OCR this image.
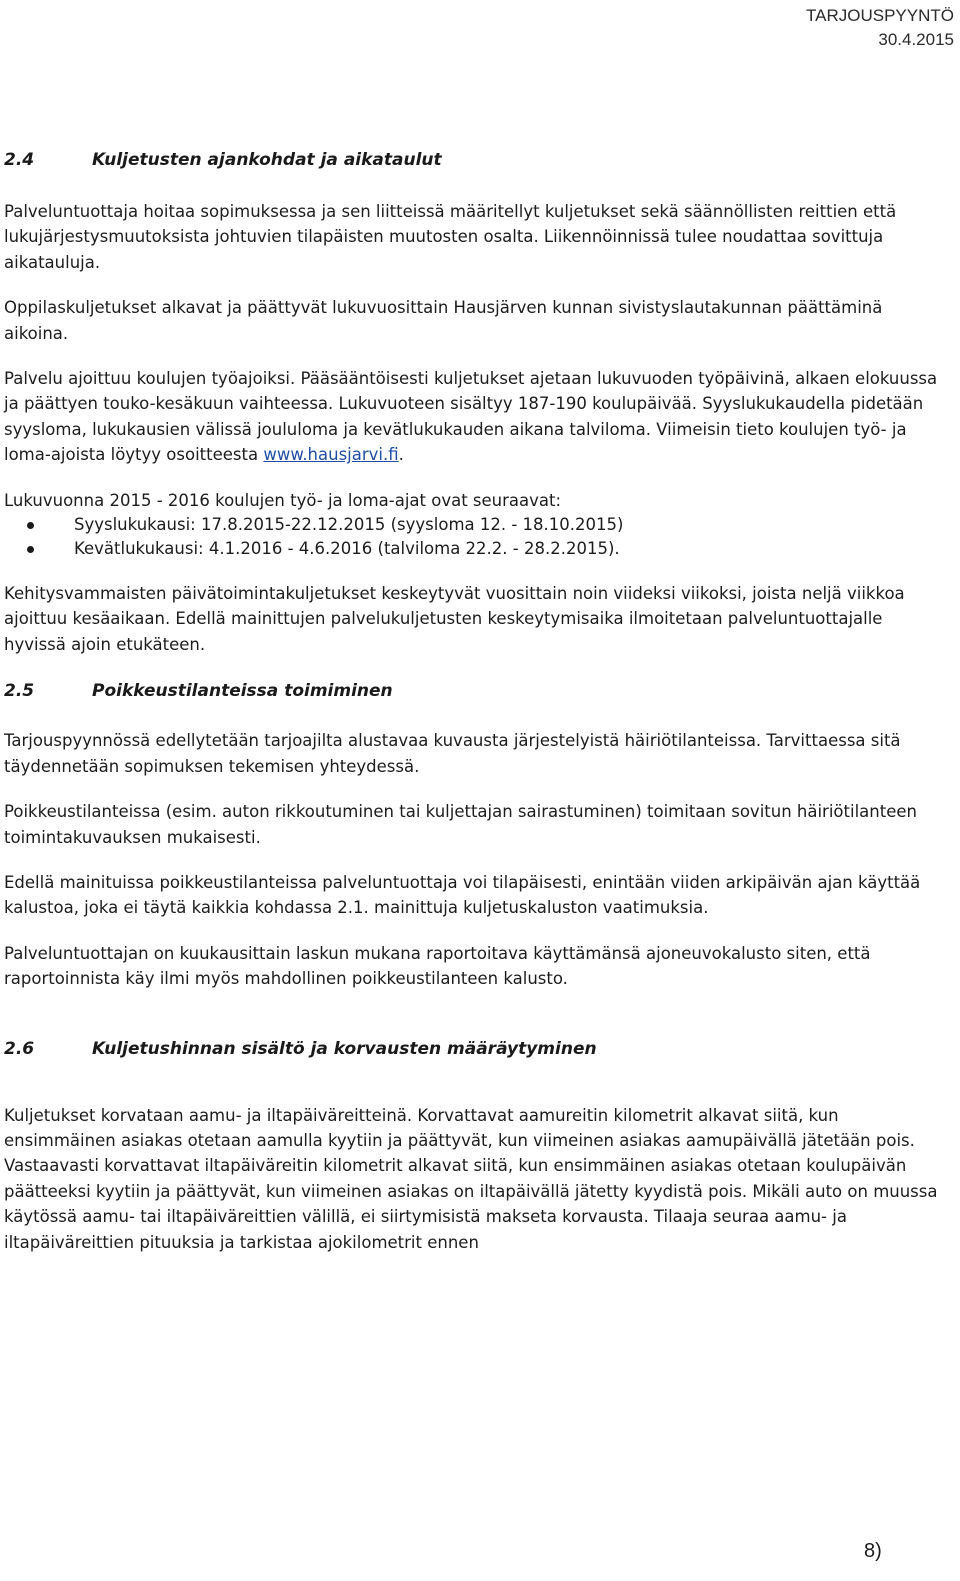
TARJOUSPYYNTÖ
30.4.2015
2.4	Kuljetusten ajankohdat ja aikataulut

Palveluntuottaja hoitaa sopimuksessa ja sen liitteissä määritellyt kuljetukset sekä säännöllisten reittien että lukujärjestysmuutoksista johtuvien tilapäisten muutosten osalta. Liikennöinnissä tulee noudattaa sovittuja aikatauluja.

Oppilaskuljetukset alkavat ja päättyvät lukuvuosittain Hausjärven kunnan sivistyslautakunnan päättäminä aikoina.

Palvelu ajoittuu koulujen työajoiksi. Pääsääntöisesti kuljetukset ajetaan lukuvuoden työpäivinä, alkaen elokuussa ja päättyen touko-kesäkuun vaihteessa. Lukuvuoteen sisältyy 187-190 koulupäivää. Syyslukukaudella pidetään syysloma, lukukausien välissä joululoma ja kevätlukukauden aikana talviloma. Viimeisin tieto koulujen työ- ja loma-ajoista löytyy osoitteesta www.hausjarvi.fi.

Lukuvuonna 2015 - 2016 koulujen työ- ja loma-ajat ovat seuraavat:

Syyslukukausi: 17.8.2015-22.12.2015 (syysloma 12. - 18.10.2015)
Kevätlukukausi: 4.1.2016 - 4.6.2016 (talviloma 22.2. - 28.2.2015).

Kehitysvammaisten päivätoimintakuljetukset keskeytyvät vuosittain noin viideksi viikoksi, joista neljä viikkoa ajoittuu kesäaikaan. Edellä mainittujen palvelukuljetusten keskeytymisaika ilmoitetaan palveluntuottajalle hyvissä ajoin etukäteen.

2.5	Poikkeustilanteissa toimiminen

Tarjouspyynnössä edellytetään tarjoajilta alustavaa kuvausta järjestelyistä häiriötilanteissa. Tarvittaessa sitä täydennetään sopimuksen tekemisen yhteydessä.

Poikkeustilanteissa (esim. auton rikkoutuminen tai kuljettajan sairastuminen) toimitaan sovitun häiriötilanteen toimintakuvauksen mukaisesti.

Edellä mainituissa poikkeustilanteissa palveluntuottaja voi tilapäisesti, enintään viiden arkipäivän ajan käyttää kalustoa, joka ei täytä kaikkia kohdassa 2.1. mainittuja kuljetuskaluston vaatimuksia.

Palveluntuottajan on kuukausittain laskun mukana raportoitava käyttämänsä ajoneuvokalusto siten, että raportoinnista käy ilmi myös mahdollinen poikkeustilanteen kalusto.

2.6	Kuljetushinnan sisältö ja korvausten määräytyminen

Kuljetukset korvataan aamu- ja iltapäiväreitteinä. Korvattavat aamureitin kilometrit alkavat siitä, kun ensimmäinen asiakas otetaan aamulla kyytiin ja päättyvät, kun viimeinen asiakas aamupäivällä jätetään pois. Vastaavasti korvattavat iltapäiväreitin kilometrit alkavat siitä, kun ensimmäinen asiakas otetaan koulupäivän päätteeksi kyytiin ja päättyvät, kun viimeinen asiakas on iltapäivällä jätetty kyydistä pois. Mikäli auto on muussa käytössä aamu- tai iltapäiväreittien välillä, ei siirtymisistä makseta korvausta. Tilaaja seuraa aamu- ja iltapäiväreittien pituuksia ja tarkistaa ajokilometrit ennen

8)
